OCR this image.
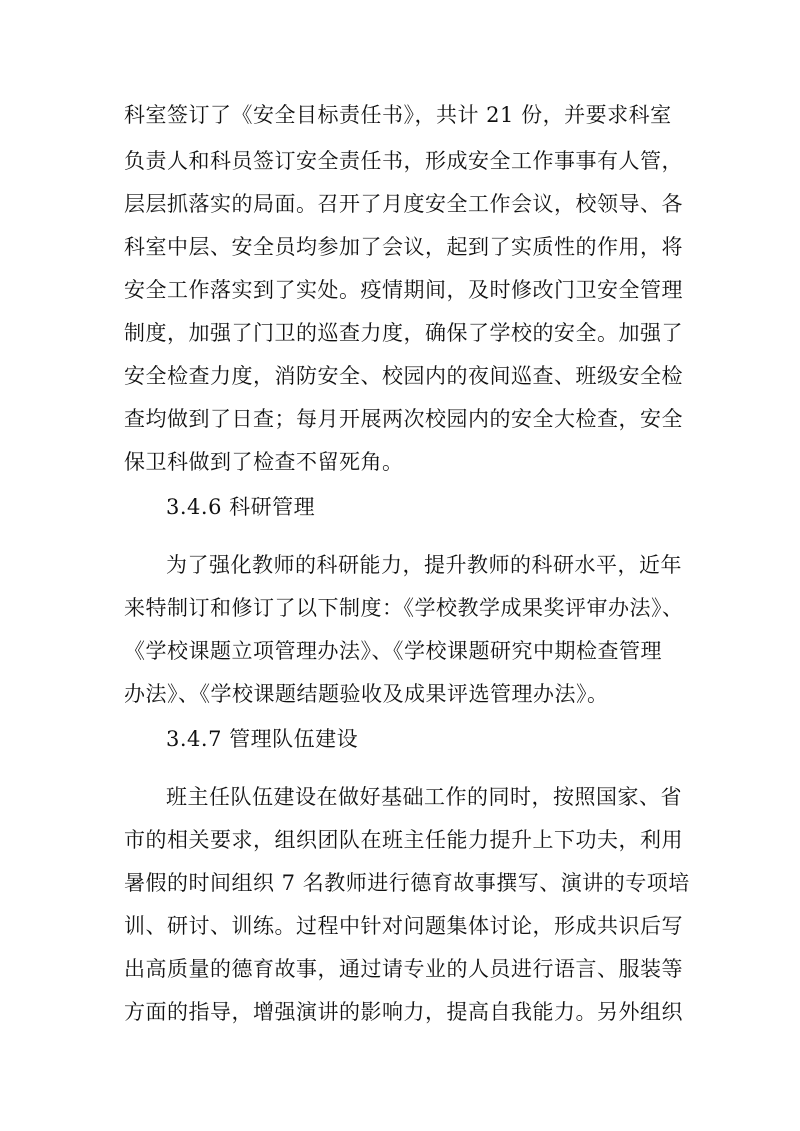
科室签订了《安全目标责任书》，共计 21 份，并要求科室
负责人和科员签订安全责任书，形成安全工作事事有人管，
层层抓落实的局面。召开了月度安全工作会议，校领导、各
科室中层、安全员均参加了会议，起到了实质性的作用，将
安全工作落实到了实处。疫情期间，及时修改门卫安全管理
制度，加强了门卫的巡查力度，确保了学校的安全。加强了
安全检查力度，消防安全、校园内的夜间巡查、班级安全检
查均做到了日查；每月开展两次校园内的安全大检查，安全
保卫科做到了检查不留死角。
3.4.6 科研管理
为了强化教师的科研能力，提升教师的科研水平，近年
来特制订和修订了以下制度：《学校教学成果奖评审办法》、
《学校课题立项管理办法》、《学校课题研究中期检查管理
办法》、《学校课题结题验收及成果评选管理办法》。
3.4.7 管理队伍建设
班主任队伍建设在做好基础工作的同时，按照国家、省
市的相关要求，组织团队在班主任能力提升上下功夫，利用
暑假的时间组织 7 名教师进行德育故事撰写、演讲的专项培
训、研讨、训练。过程中针对问题集体讨论，形成共识后写
出高质量的德育故事，通过请专业的人员进行语言、服装等
方面的指导，增强演讲的影响力，提高自我能力。另外组织
